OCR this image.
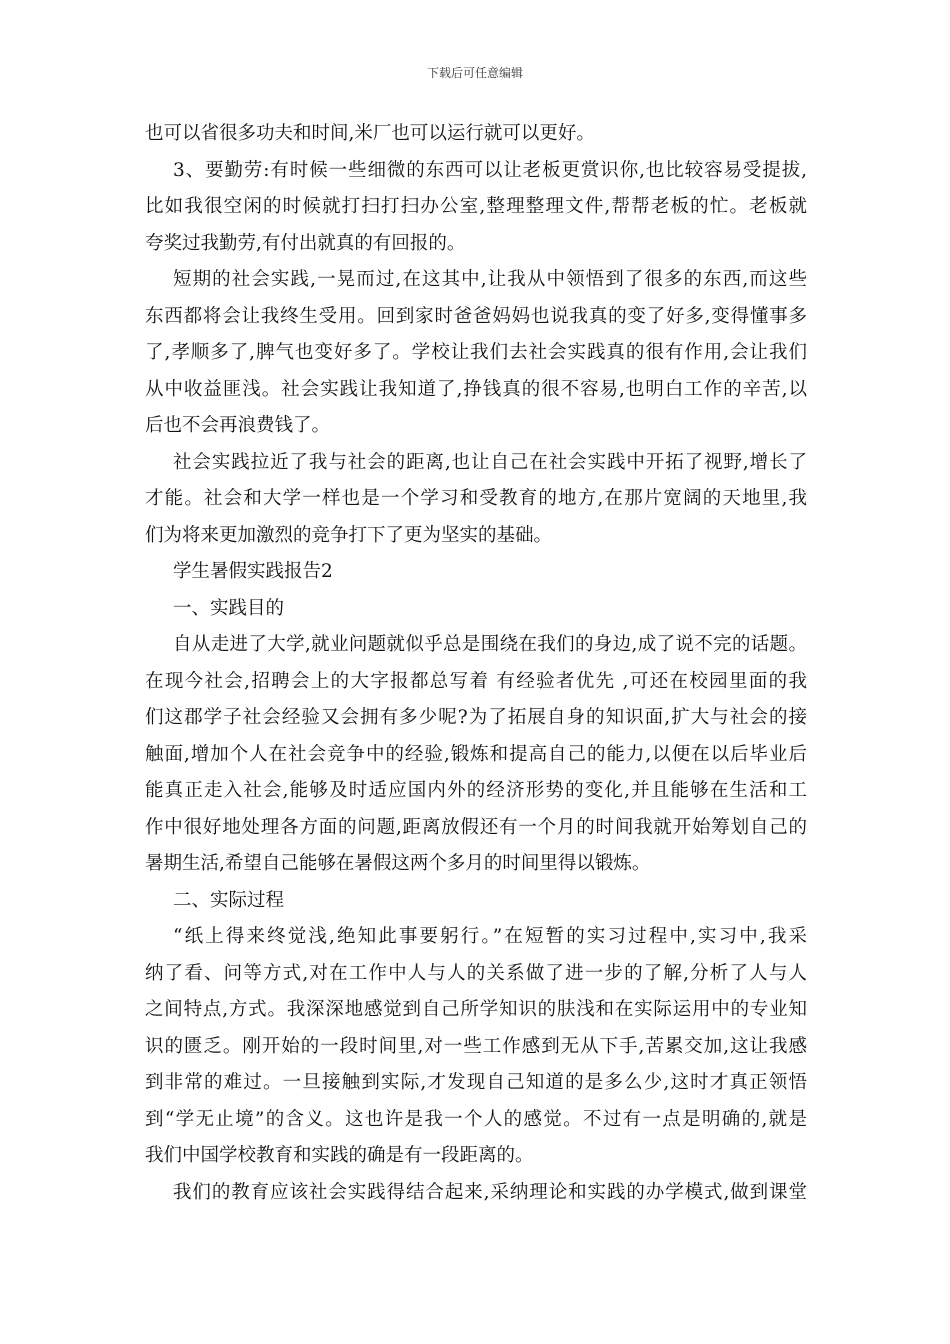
下载后可任意编辑
也可以省很多功夫和时间,米厂也可以运行就可以更好。
3、要勤劳:有时候一些细微的东西可以让老板更赏识你,也比较容易受提拔,
比如我很空闲的时候就打扫打扫办公室,整理整理文件,帮帮老板的忙。老板就
夸奖过我勤劳,有付出就真的有回报的。
短期的社会实践,一晃而过,在这其中,让我从中领悟到了很多的东西,而这些
东西都将会让我终生受用。回到家时爸爸妈妈也说我真的变了好多,变得懂事多
了,孝顺多了,脾气也变好多了。学校让我们去社会实践真的很有作用,会让我们
从中收益匪浅。社会实践让我知道了,挣钱真的很不容易,也明白工作的辛苦,以
后也不会再浪费钱了。
社会实践拉近了我与社会的距离,也让自己在社会实践中开拓了视野,增长了
才能。社会和大学一样也是一个学习和受教育的地方,在那片宽阔的天地里,我
们为将来更加激烈的竞争打下了更为坚实的基础。
学生暑假实践报告2
一、实践目的
自从走进了大学,就业问题就似乎总是围绕在我们的身边,成了说不完的话题。
在现今社会,招聘会上的大字报都总写着 有经验者优先 ,可还在校园里面的我
们这郡学子社会经验又会拥有多少呢?为了拓展自身的知识面,扩大与社会的接
触面,增加个人在社会竞争中的经验,锻炼和提高自己的能力,以便在以后毕业后
能真正走入社会,能够及时适应国内外的经济形势的变化,并且能够在生活和工
作中很好地处理各方面的问题,距离放假还有一个月的时间我就开始筹划自己的
暑期生活,希望自己能够在暑假这两个多月的时间里得以锻炼。
二、实际过程
“纸上得来终觉浅,绝知此事要躬行。”在短暂的实习过程中,实习中,我采
纳了看、问等方式,对在工作中人与人的关系做了进一步的了解,分析了人与人
之间特点,方式。我深深地感觉到自己所学知识的肤浅和在实际运用中的专业知
识的匮乏。刚开始的一段时间里,对一些工作感到无从下手,苦累交加,这让我感
到非常的难过。一旦接触到实际,才发现自己知道的是多么少,这时才真正领悟
到“学无止境”的含义。这也许是我一个人的感觉。不过有一点是明确的,就是
我们中国学校教育和实践的确是有一段距离的。
我们的教育应该社会实践得结合起来,采纳理论和实践的办学模式,做到课堂
